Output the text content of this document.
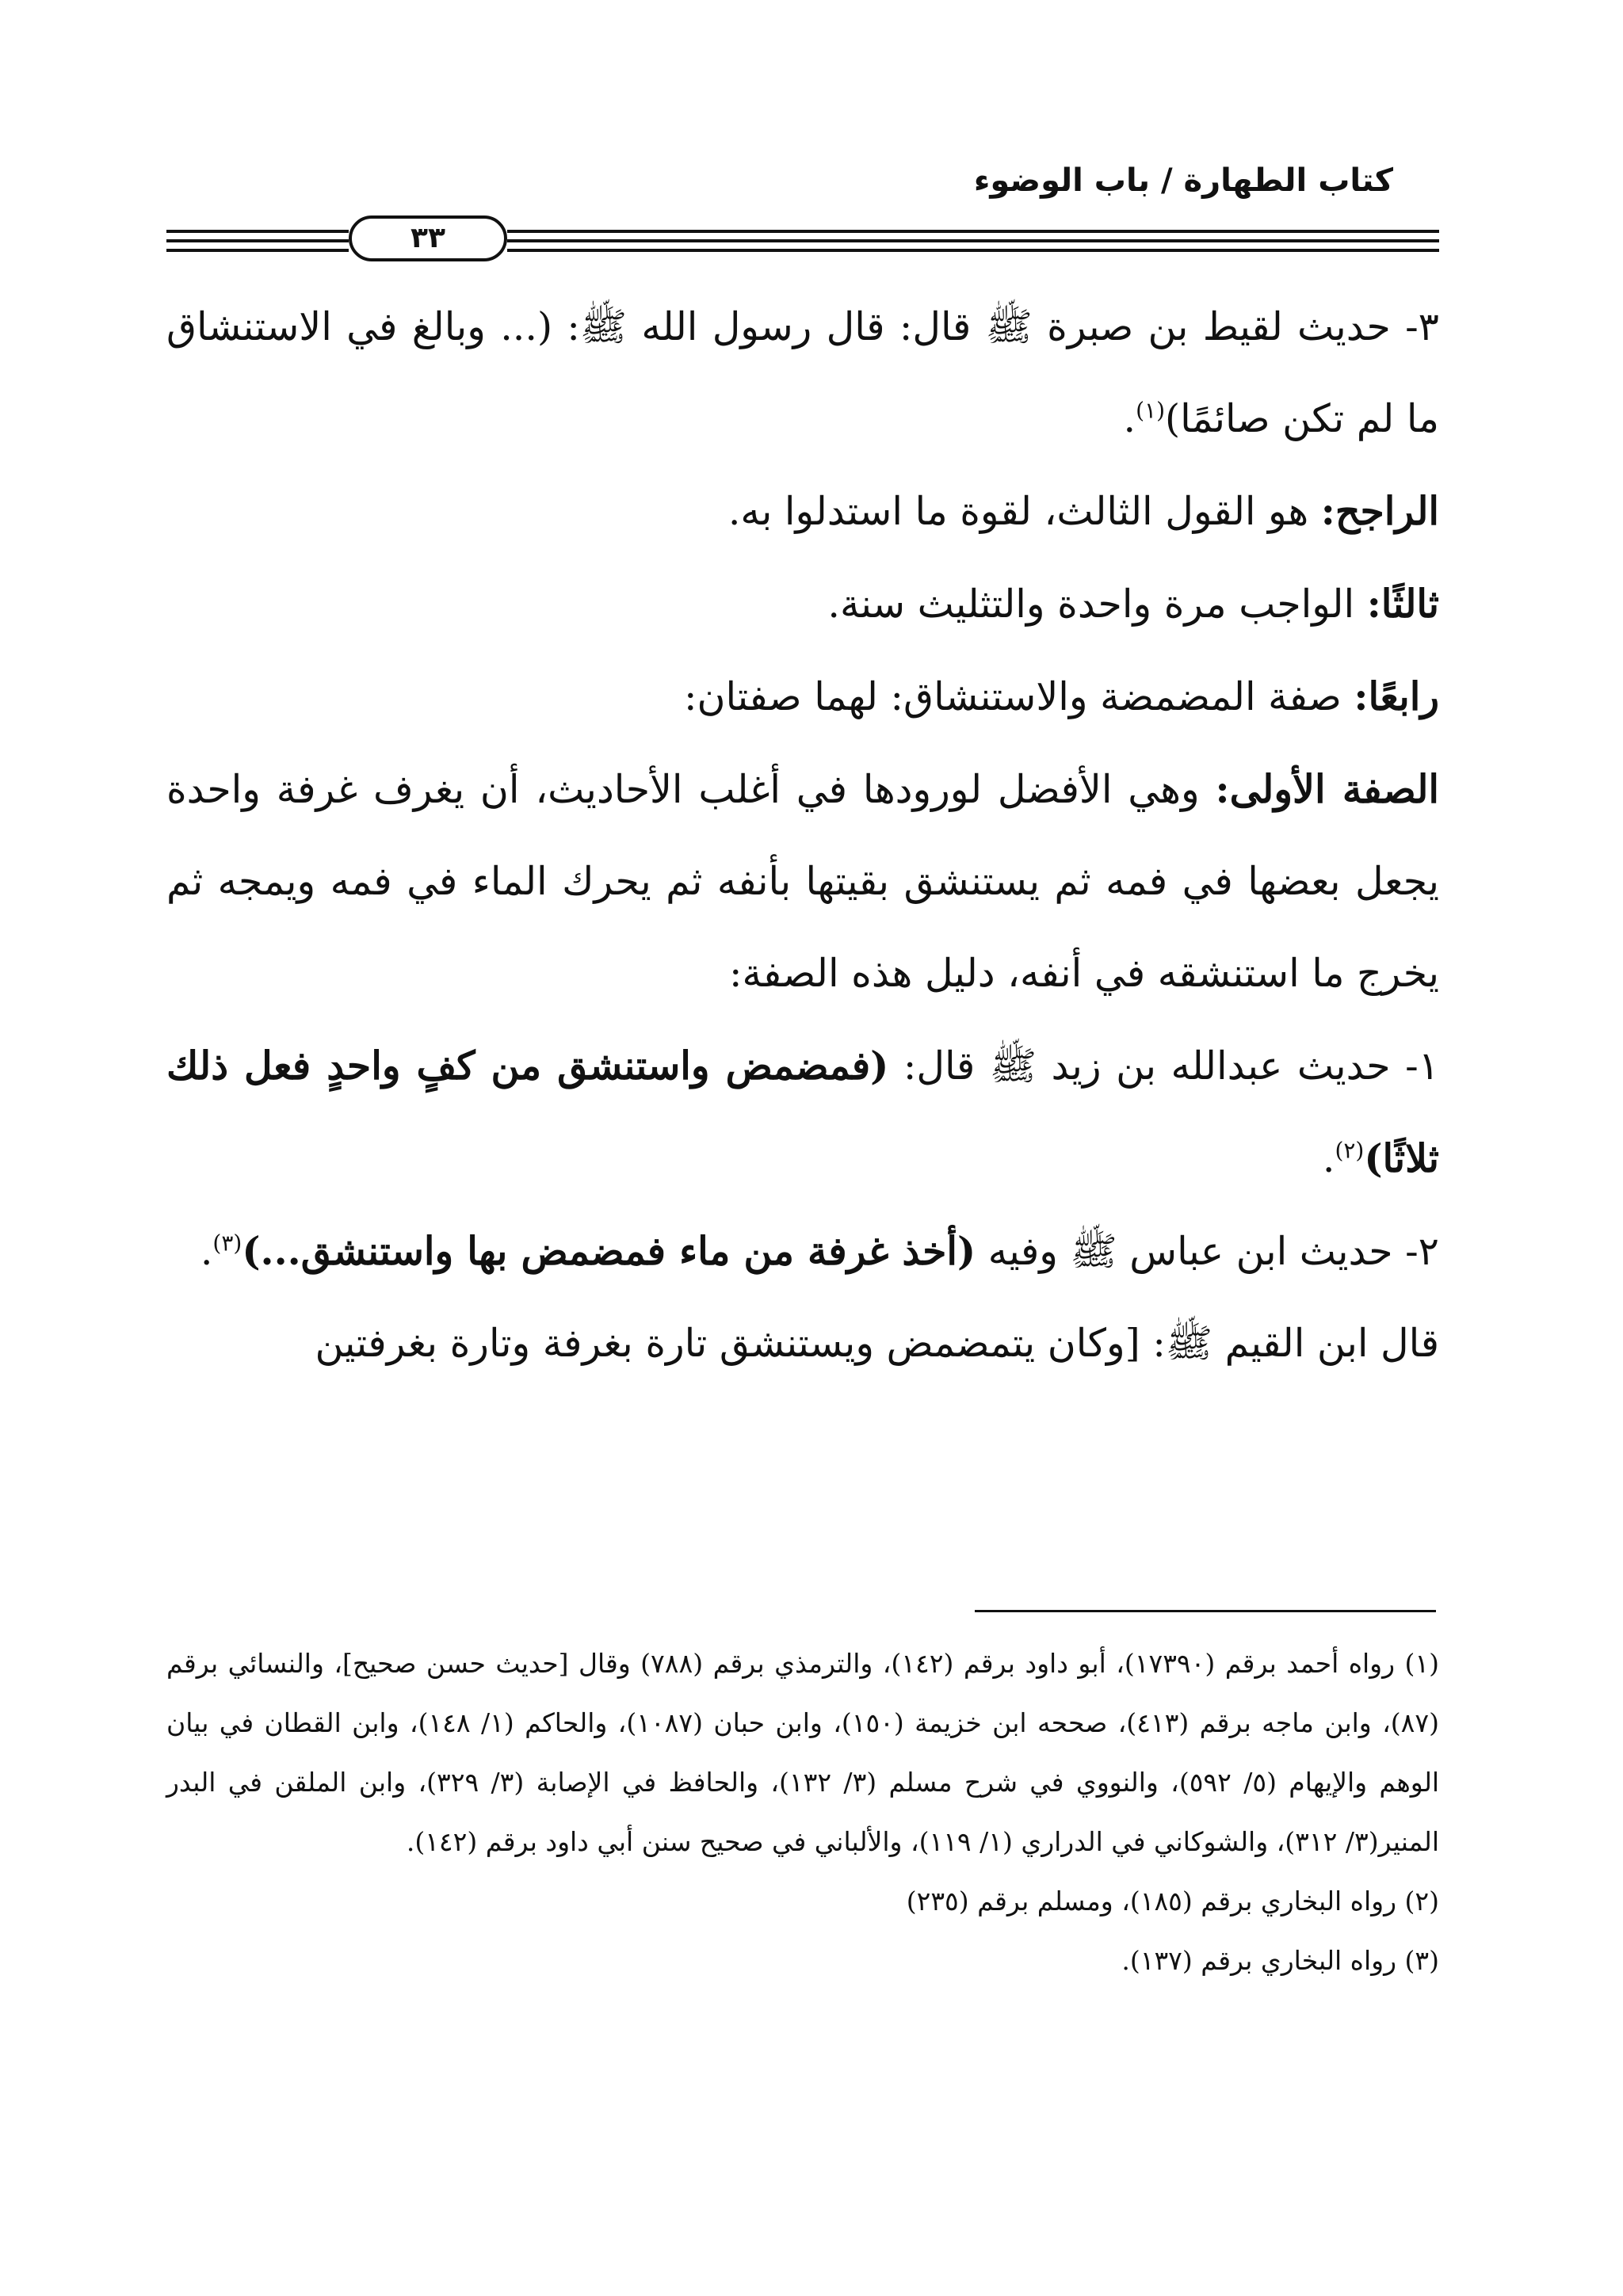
كتاب الطهارة / باب الوضوء
٣٣

٣- حديث لقيط بن صبرة ﷺ قال: قال رسول الله ﷺ: (... وبالغ في الاستنشاق ما لم تكن صائمًا)$^{(١)}$.

الراجح: هو القول الثالث، لقوة ما استدلوا به.

ثالثًا: الواجب مرة واحدة والتثليث سنة.

رابعًا: صفة المضمضة والاستنشاق: لهما صفتان:

الصفة الأولى: وهي الأفضل لورودها في أغلب الأحاديث، أن يغرف غرفة واحدة يجعل بعضها في فمه ثم يستنشق بقيتها بأنفه ثم يحرك الماء في فمه ويمجه ثم يخرج ما استنشقه في أنفه، دليل هذه الصفة:

١- حديث عبدالله بن زيد ﷺ قال: (فمضمض واستنشق من كفٍ واحدٍ فعل ذلك ثلاثًا)$^{(٢)}$.

٢- حديث ابن عباس ﷺ وفيه (أخذ غرفة من ماء فمضمض بها واستنشق...)$^{(٣)}$.

قال ابن القيم ﷺ: [وكان يتمضمض ويستنشق تارة بغرفة وتارة بغرفتين

(١) رواه أحمد برقم (١٧٣٩٠)، أبو داود برقم (١٤٢)، والترمذي برقم (٧٨٨) وقال [حديث حسن صحيح]، والنسائي برقم (٨٧)، وابن ماجه برقم (٤١٣)، صححه ابن خزيمة (١٥٠)، وابن حبان (١٠٨٧)، والحاكم (١/ ١٤٨)، وابن القطان في بيان الوهم والإيهام (٥/ ٥٩٢)، والنووي في شرح مسلم (٣/ ١٣٢)، والحافظ في الإصابة (٣/ ٣٢٩)، وابن الملقن في البدر المنير(٣/ ٣١٢)، والشوكاني في الدراري (١/ ١١٩)، والألباني في صحيح سنن أبي داود برقم (١٤٢).

(٢) رواه البخاري برقم (١٨٥)، ومسلم برقم (٢٣٥)

(٣) رواه البخاري برقم (١٣٧).
